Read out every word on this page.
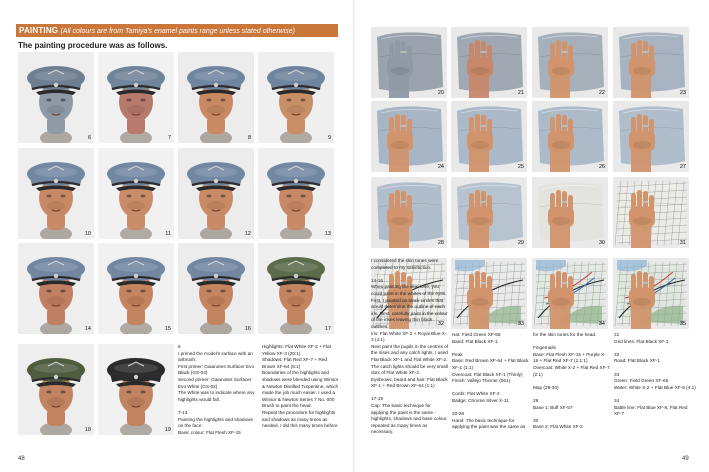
PAINTING (All colours are from Tamiya's enamel paints range unless stated otherwise)
The painting procedure was as follows.
6	7	8	9
10	11	12	13
14	15	16	17
18	19
20	21	22	23
24	25	26	27
28	29	30	31
32	33	34	35

6
I primed the model's surface with an airbrush.
First primer: Gaianotes Surfacer Evo Black (GS-03)
Second primer: Gaianotes Surfacer Evo White (GS-02)
The White was to indicate where any highlights would fall.

7-13
Painting the highlights and shadows on the face:
Basic colour: Flat Flesh XF-15

Highlights: Flat White XF-2 + Flat Yellow XF-3 (20:1)
Shadows: Flat Red XF-7 + Red Brown XF-64 (5:1)
Boundaries of the highlights and shadows were blended using Winsor & Newton Distilled Turpentine, which made the job much easier. I used a Winsor & Newton Series 7 No. 000 Brush to paint the head.
Repeat the procedure for highlights and shadows as many times as needed. I did this many times before

I considered the skin tones were completed to my satisfaction.

14-16
When painting the skin tone, you could paint in the whites of the eyes. First, I painted on black circles that would determine the outline of each iris. Next, carefully paint in the colour of the irises leaving thin black outlines.
Iris: Flat White XF-2 + Royal Blue X-3 (4:1)
Next paint the pupils in the centres of the irises and any catch lights. I used Flat Black XF-1 and Flat White XF-2. The catch lights should be very small dots of Flat White XF-2.
Eyebrows, beard and hair: Flat Black XF-1 + Red Brown XF-64 (1:1)

17-19
Cap: The basic technique for applying the paint is the same - highlights, shadows and base colour, repeated as many times as necessary.

Hat: Field Green XF-65
Band: Flat Black XF-1

Peak
Base: Red Brown XF-64 + Flat Black XF-1 (1:1)
Overcoat: Flat Black XF-1 (Thinly)
Finish: Vallejo Thinner (061)

Cords: Flat White XF-2
Badge: Chrome Silver X-11

20-28
Hand: The basic technique for applying the paint was the same as

for the skin tones for the head.

Fingernails
Base: Flat Flesh XF-15 + Purple X-16 + Flat Red XF-7 (1:1:1)
Overcoat: White X-2 + Flat Red XF-7 (2:1)

Map (29-34)

29
Base 1: Buff XF-57

30
Base 2: Flat White XF-2

31
Grid lines: Flat Black XF-1

32
Road: Flat Black XF-1

33
Green: Field Green XF-65
Water: White X-2 + Flat Blue XF-8 (4:1)

34
Battle line: Flat Blue XF-8, Flat Red XF-7

48	49
